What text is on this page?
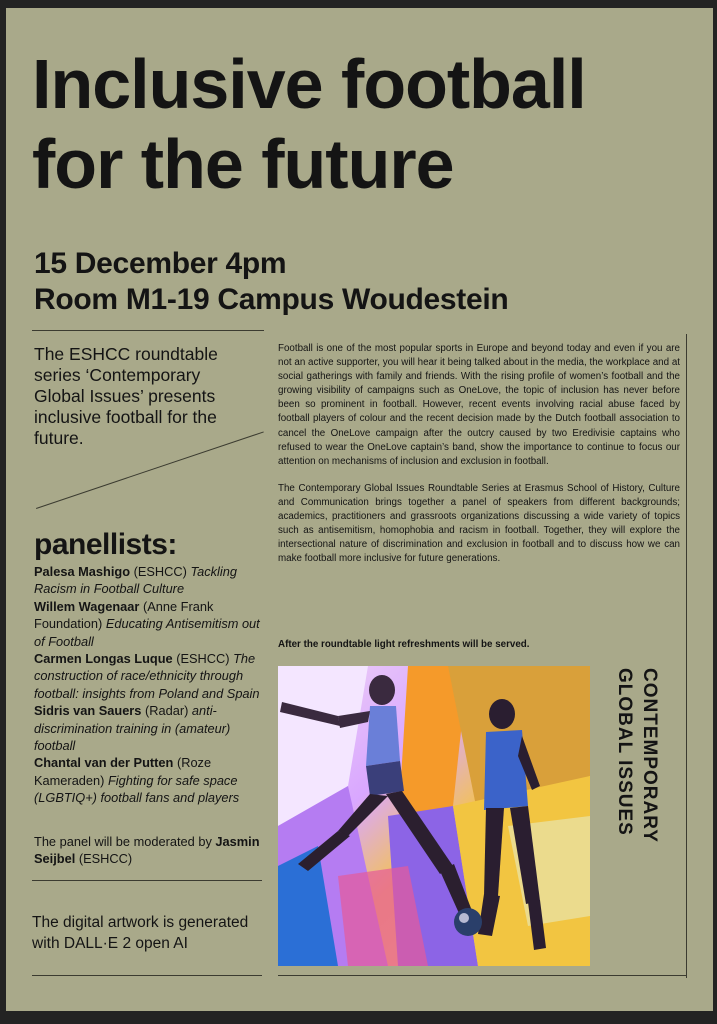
Inclusive football
for the future
15 December 4pm
Room M1-19 Campus Woudestein
The ESHCC roundtable series ‘Contemporary Global Issues’ presents inclusive football for the future.
panellists:

Palesa Mashigo (ESHCC) Tackling Racism in Football Culture

Willem Wagenaar (Anne Frank Foundation) Educating Antisemitism out of Football

Carmen Longas Luque (ESHCC) The construction of race/ethnicity through football: insights from Poland and Spain

Sidris van Sauers (Radar) anti-discrimination training in (amateur) football

Chantal van der Putten (Roze Kameraden) Fighting for safe space (LGBTIQ+) football fans and players

The panel will be moderated by Jasmin Seijbel (ESHCC)
The digital artwork is generated with DALL·E 2 open AI

Football is one of the most popular sports in Europe and beyond today and even if you are not an active supporter, you will hear it being talked about in the media, the workplace and at social gatherings with family and friends. With the rising profile of women’s football and the growing visibility of campaigns such as OneLove, the topic of inclusion has never before been so prominent in football. However, recent events involving racial abuse faced by football players of colour and the recent decision made by the Dutch football association to cancel the OneLove campaign after the outcry caused by two Eredivisie captains who refused to wear the OneLove captain’s band, show the importance to continue to focus our attention on mechanisms of inclusion and exclusion in football.

The Contemporary Global Issues Roundtable Series at Erasmus School of History, Culture and Communication brings together a panel of speakers from different backgrounds; academics, practitioners and grassroots organizations discussing a wide variety of topics such as antisemitism, homophobia and racism in football. Together, they will explore the intersectional nature of discrimination and exclusion in football and to discuss how we can make football more inclusive for future generations.

After the roundtable light refreshments will be served.
CONTEMPORARY
GLOBAL ISSUES
